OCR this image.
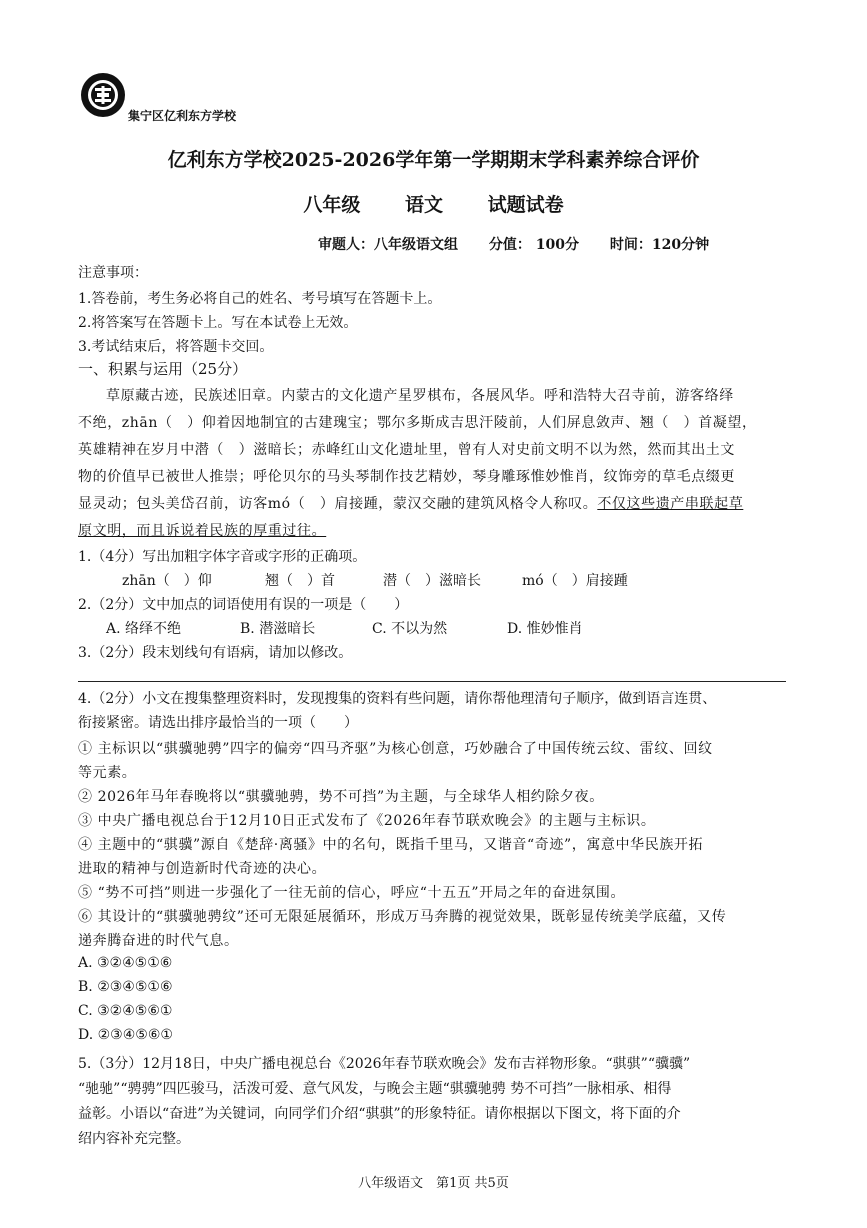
集宁区亿利东方学校
亿利东方学校2025-2026学年第一学期期末学科素养综合评价
八年级 语文 试题试卷
审题人：八年级语文组 分值： 100分 时间：120分钟
注意事项：
1.答卷前，考生务必将自己的姓名、考号填写在答题卡上。
2.将答案写在答题卡上。写在本试卷上无效。
3.考试结束后，将答题卡交回。
一、积累与运用（25分）
草原藏古迹，民族述旧章。内蒙古的文化遗产星罗棋布，各展风华。呼和浩特大召寺前，游客络绎
不绝，zhān（　）仰着因地制宜的古建瑰宝；鄂尔多斯成吉思汗陵前，人们屏息敛声、翘（　）首凝望，
英雄精神在岁月中潜（　）滋暗长；赤峰红山文化遗址里，曾有人对史前文明不以为然，然而其出土文
物的价值早已被世人推崇；呼伦贝尔的马头琴制作技艺精妙，琴身雕琢惟妙惟肖，纹饰旁的草毛点缀更
显灵动；包头美岱召前，访客mó（　）肩接踵，蒙汉交融的建筑风格令人称叹。不仅这些遗产串联起草
原文明，而且诉说着民族的厚重过往。
1.（4分）写出加粗字体字音或字形的正确项。
zhān（　）仰	翘（　）首	潜（　）滋暗长	mó（　）肩接踵
2.（2分）文中加点的词语使用有误的一项是（　　）
A. 络绎不绝	B. 潜滋暗长	C. 不以为然	D. 惟妙惟肖
3.（2分）段末划线句有语病，请加以修改。
4.（2分）小文在搜集整理资料时，发现搜集的资料有些问题，请你帮他理清句子顺序，做到语言连贯、
衔接紧密。请选出排序最恰当的一项（　　）
① 主标识以“骐骥驰骋”四字的偏旁“四马齐驱”为核心创意，巧妙融合了中国传统云纹、雷纹、回纹
等元素。
② 2026年马年春晚将以“骐骥驰骋，势不可挡”为主题，与全球华人相约除夕夜。
③ 中央广播电视总台于12月10日正式发布了《2026年春节联欢晚会》的主题与主标识。
④ 主题中的“骐骥”源自《楚辞·离骚》中的名句，既指千里马，又谐音“奇迹”，寓意中华民族开拓
进取的精神与创造新时代奇迹的决心。
⑤ “势不可挡”则进一步强化了一往无前的信心，呼应“十五五”开局之年的奋进氛围。
⑥ 其设计的“骐骥驰骋纹”还可无限延展循环，形成万马奔腾的视觉效果，既彰显传统美学底蕴，又传
递奔腾奋进的时代气息。
A. ③②④⑤①⑥
B. ②③④⑤①⑥
C. ③②④⑤⑥①
D. ②③④⑤⑥①
5.（3分）12月18日，中央广播电视总台《2026年春节联欢晚会》发布吉祥物形象。“骐骐”“骥骥”
“驰驰”“骋骋”四匹骏马，活泼可爱、意气风发，与晚会主题“骐骥驰骋 势不可挡”一脉相承、相得
益彰。小语以“奋进”为关键词，向同学们介绍“骐骐”的形象特征。请你根据以下图文，将下面的介
绍内容补充完整。
八年级语文　第1页 共5页
